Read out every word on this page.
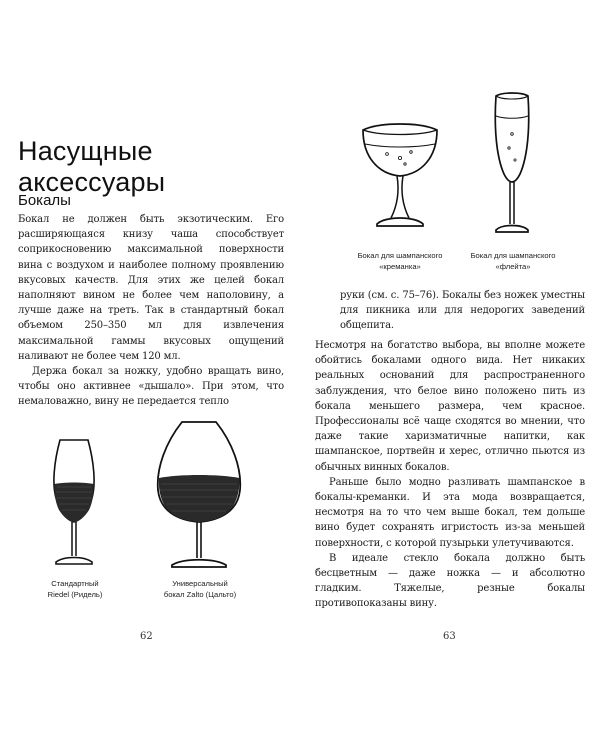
Насущные
аксессуары
Бокалы

Бокал не должен быть экзотическим. Его расширяющаяся книзу чаша способствует соприкосновению максимальной поверхности вина с воздухом и наиболее полному проявлению вкусовых качеств. Для этих же целей бокал наполняют вином не более чем наполовину, а лучше даже на треть. Так в стандартный бокал объемом 250–350 мл для извлечения максимальной гаммы вкусовых ощущений наливают не более чем 120 мл.

Держа бокал за ножку, удобно вращать вино, чтобы оно активнее «дышало». При этом, что немаловажно, вину не передается тепло

Стандартный
Riedel (Ридель)
Универсальный
бокал Zalto (Цальто)
62
Бокал для шампанского
«креманка»
Бокал для шампанского
«флейта»

руки (см. с. 75–76). Бокалы без ножек уместны для пикника или для недорогих заведений общепита.

Несмотря на богатство выбора, вы вполне можете обойтись бокалами одного вида. Нет никаких реальных оснований для распространенного заблуждения, что белое вино положено пить из бокала меньшего размера, чем красное. Профессионалы всё чаще сходятся во мнении, что даже такие харизматичные напитки, как шампанское, портвейн и херес, отлично пьются из обычных винных бокалов.

Раньше было модно разливать шампанское в бокалы-креманки. И эта мода возвращается, несмотря на то что чем выше бокал, тем дольше вино будет сохранять игристость из-за меньшей поверхности, с которой пузырьки улетучиваются.

В идеале стекло бокала должно быть бесцветным — даже ножка — и абсолютно гладким. Тяжелые, резные бокалы противопоказаны вину.

63
